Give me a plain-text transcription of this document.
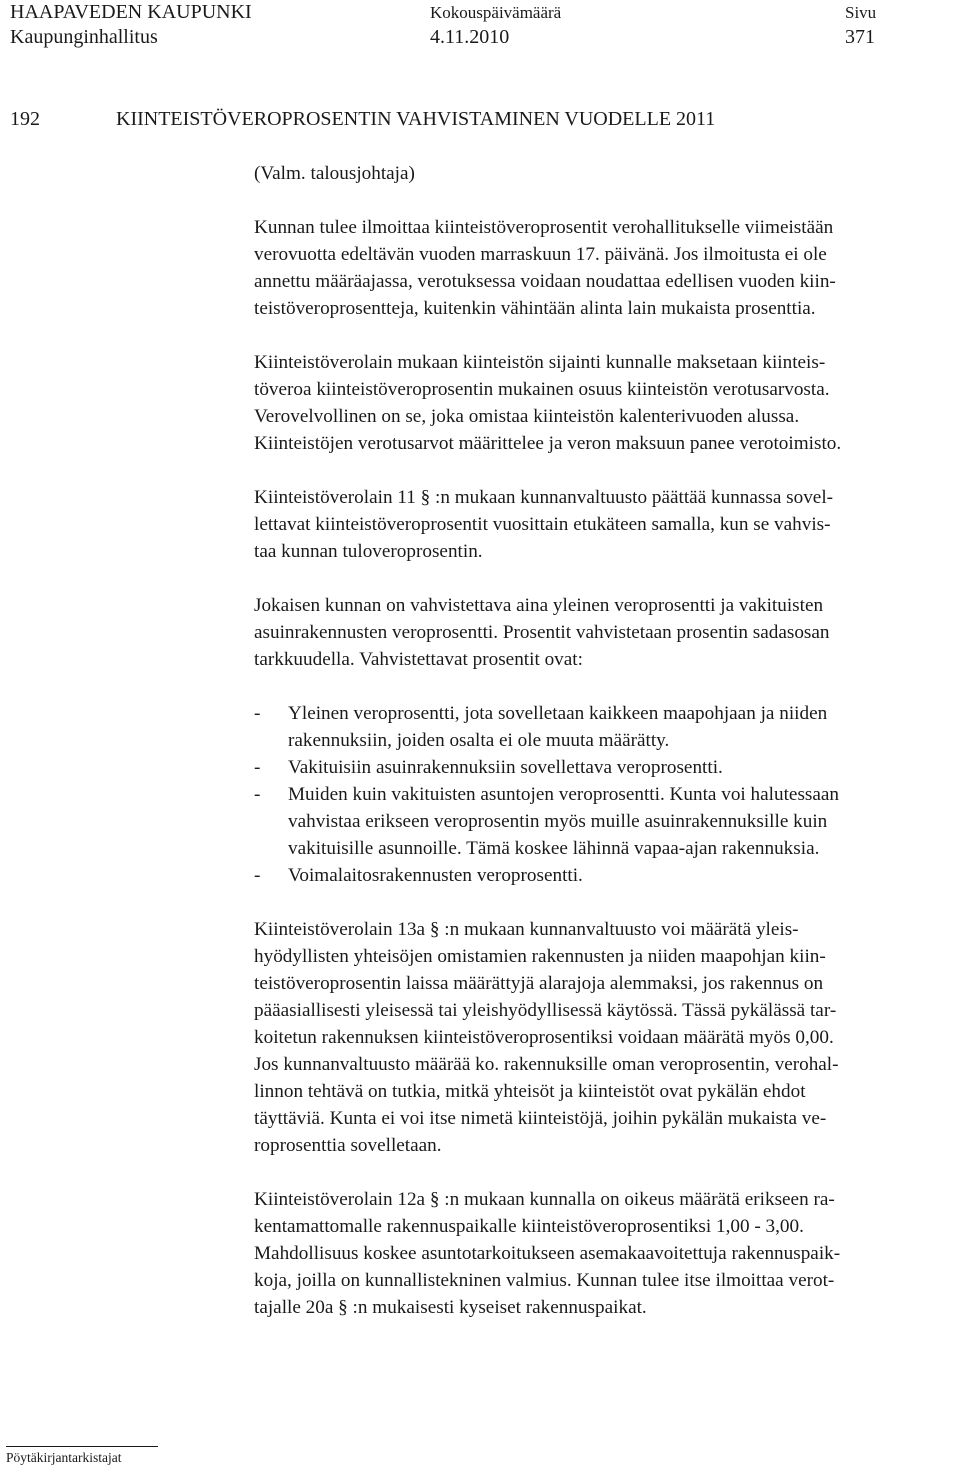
HAAPAVEDEN KAUPUNKI	Kokouspäivämäärä	Sivu
Kaupunginhallitus	4.11.2010	371
192	KIINTEISTÖVEROPROSENTIN VAHVISTAMINEN VUODELLE 2011
(Valm. talousjohtaja)
Kunnan tulee ilmoittaa kiinteistöveroprosentit verohallitukselle viimeistään
verovuotta edeltävän vuoden marraskuun 17. päivänä. Jos ilmoitusta ei ole
annettu määräajassa, verotuksessa voidaan noudattaa edellisen vuoden kiin-
teistöveroprosentteja, kuitenkin vähintään alinta lain mukaista prosenttia.
Kiinteistöverolain mukaan kiinteistön sijainti kunnalle maksetaan kiinteis-
töveroa kiinteistöveroprosentin mukainen osuus kiinteistön verotusarvosta.
Verovelvollinen on se, joka omistaa kiinteistön kalenterivuoden alussa.
Kiinteistöjen verotusarvot määrittelee ja veron maksuun panee verotoimisto.
Kiinteistöverolain 11 § :n mukaan kunnanvaltuusto päättää kunnassa sovel-
lettavat kiinteistöveroprosentit vuosittain etukäteen samalla, kun se vahvis-
taa kunnan tuloveroprosentin.
Jokaisen kunnan on vahvistettava aina yleinen veroprosentti ja vakituisten
asuinrakennusten veroprosentti. Prosentit vahvistetaan prosentin sadasosan
tarkkuudella. Vahvistettavat prosentit ovat:
- Yleinen veroprosentti, jota sovelletaan kaikkeen maapohjaan ja niiden
rakennuksiin, joiden osalta ei ole muuta määrätty.
- Vakituisiin asuinrakennuksiin sovellettava veroprosentti.
- Muiden kuin vakituisten asuntojen veroprosentti. Kunta voi halutessaan
vahvistaa erikseen veroprosentin myös muille asuinrakennuksille kuin
vakituisille asunnoille. Tämä koskee lähinnä vapaa-ajan rakennuksia.
- Voimalaitosrakennusten veroprosentti.
Kiinteistöverolain 13a § :n mukaan kunnanvaltuusto voi määrätä yleis-
hyödyllisten yhteisöjen omistamien rakennusten ja niiden maapohjan kiin-
teistöveroprosentin laissa määrättyjä alarajoja alemmaksi, jos rakennus on
pääasiallisesti yleisessä tai yleishyödyllisessä käytössä. Tässä pykälässä tar-
koitetun rakennuksen kiinteistöveroprosentiksi voidaan määrätä myös 0,00.
Jos kunnanvaltuusto määrää ko. rakennuksille oman veroprosentin, verohal-
linnon tehtävä on tutkia, mitkä yhteisöt ja kiinteistöt ovat pykälän ehdot
täyttäviä. Kunta ei voi itse nimetä kiinteistöjä, joihin pykälän mukaista ve-
roprosenttia sovelletaan.
Kiinteistöverolain 12a § :n mukaan kunnalla on oikeus määrätä erikseen ra-
kentamattomalle rakennuspaikalle kiinteistöveroprosentiksi 1,00 - 3,00.
Mahdollisuus koskee asuntotarkoitukseen asemakaavoitettuja rakennuspaik-
koja, joilla on kunnallistekninen valmius. Kunnan tulee itse ilmoittaa verot-
tajalle 20a § :n mukaisesti kyseiset rakennuspaikat.
Pöytäkirjantarkistajat
